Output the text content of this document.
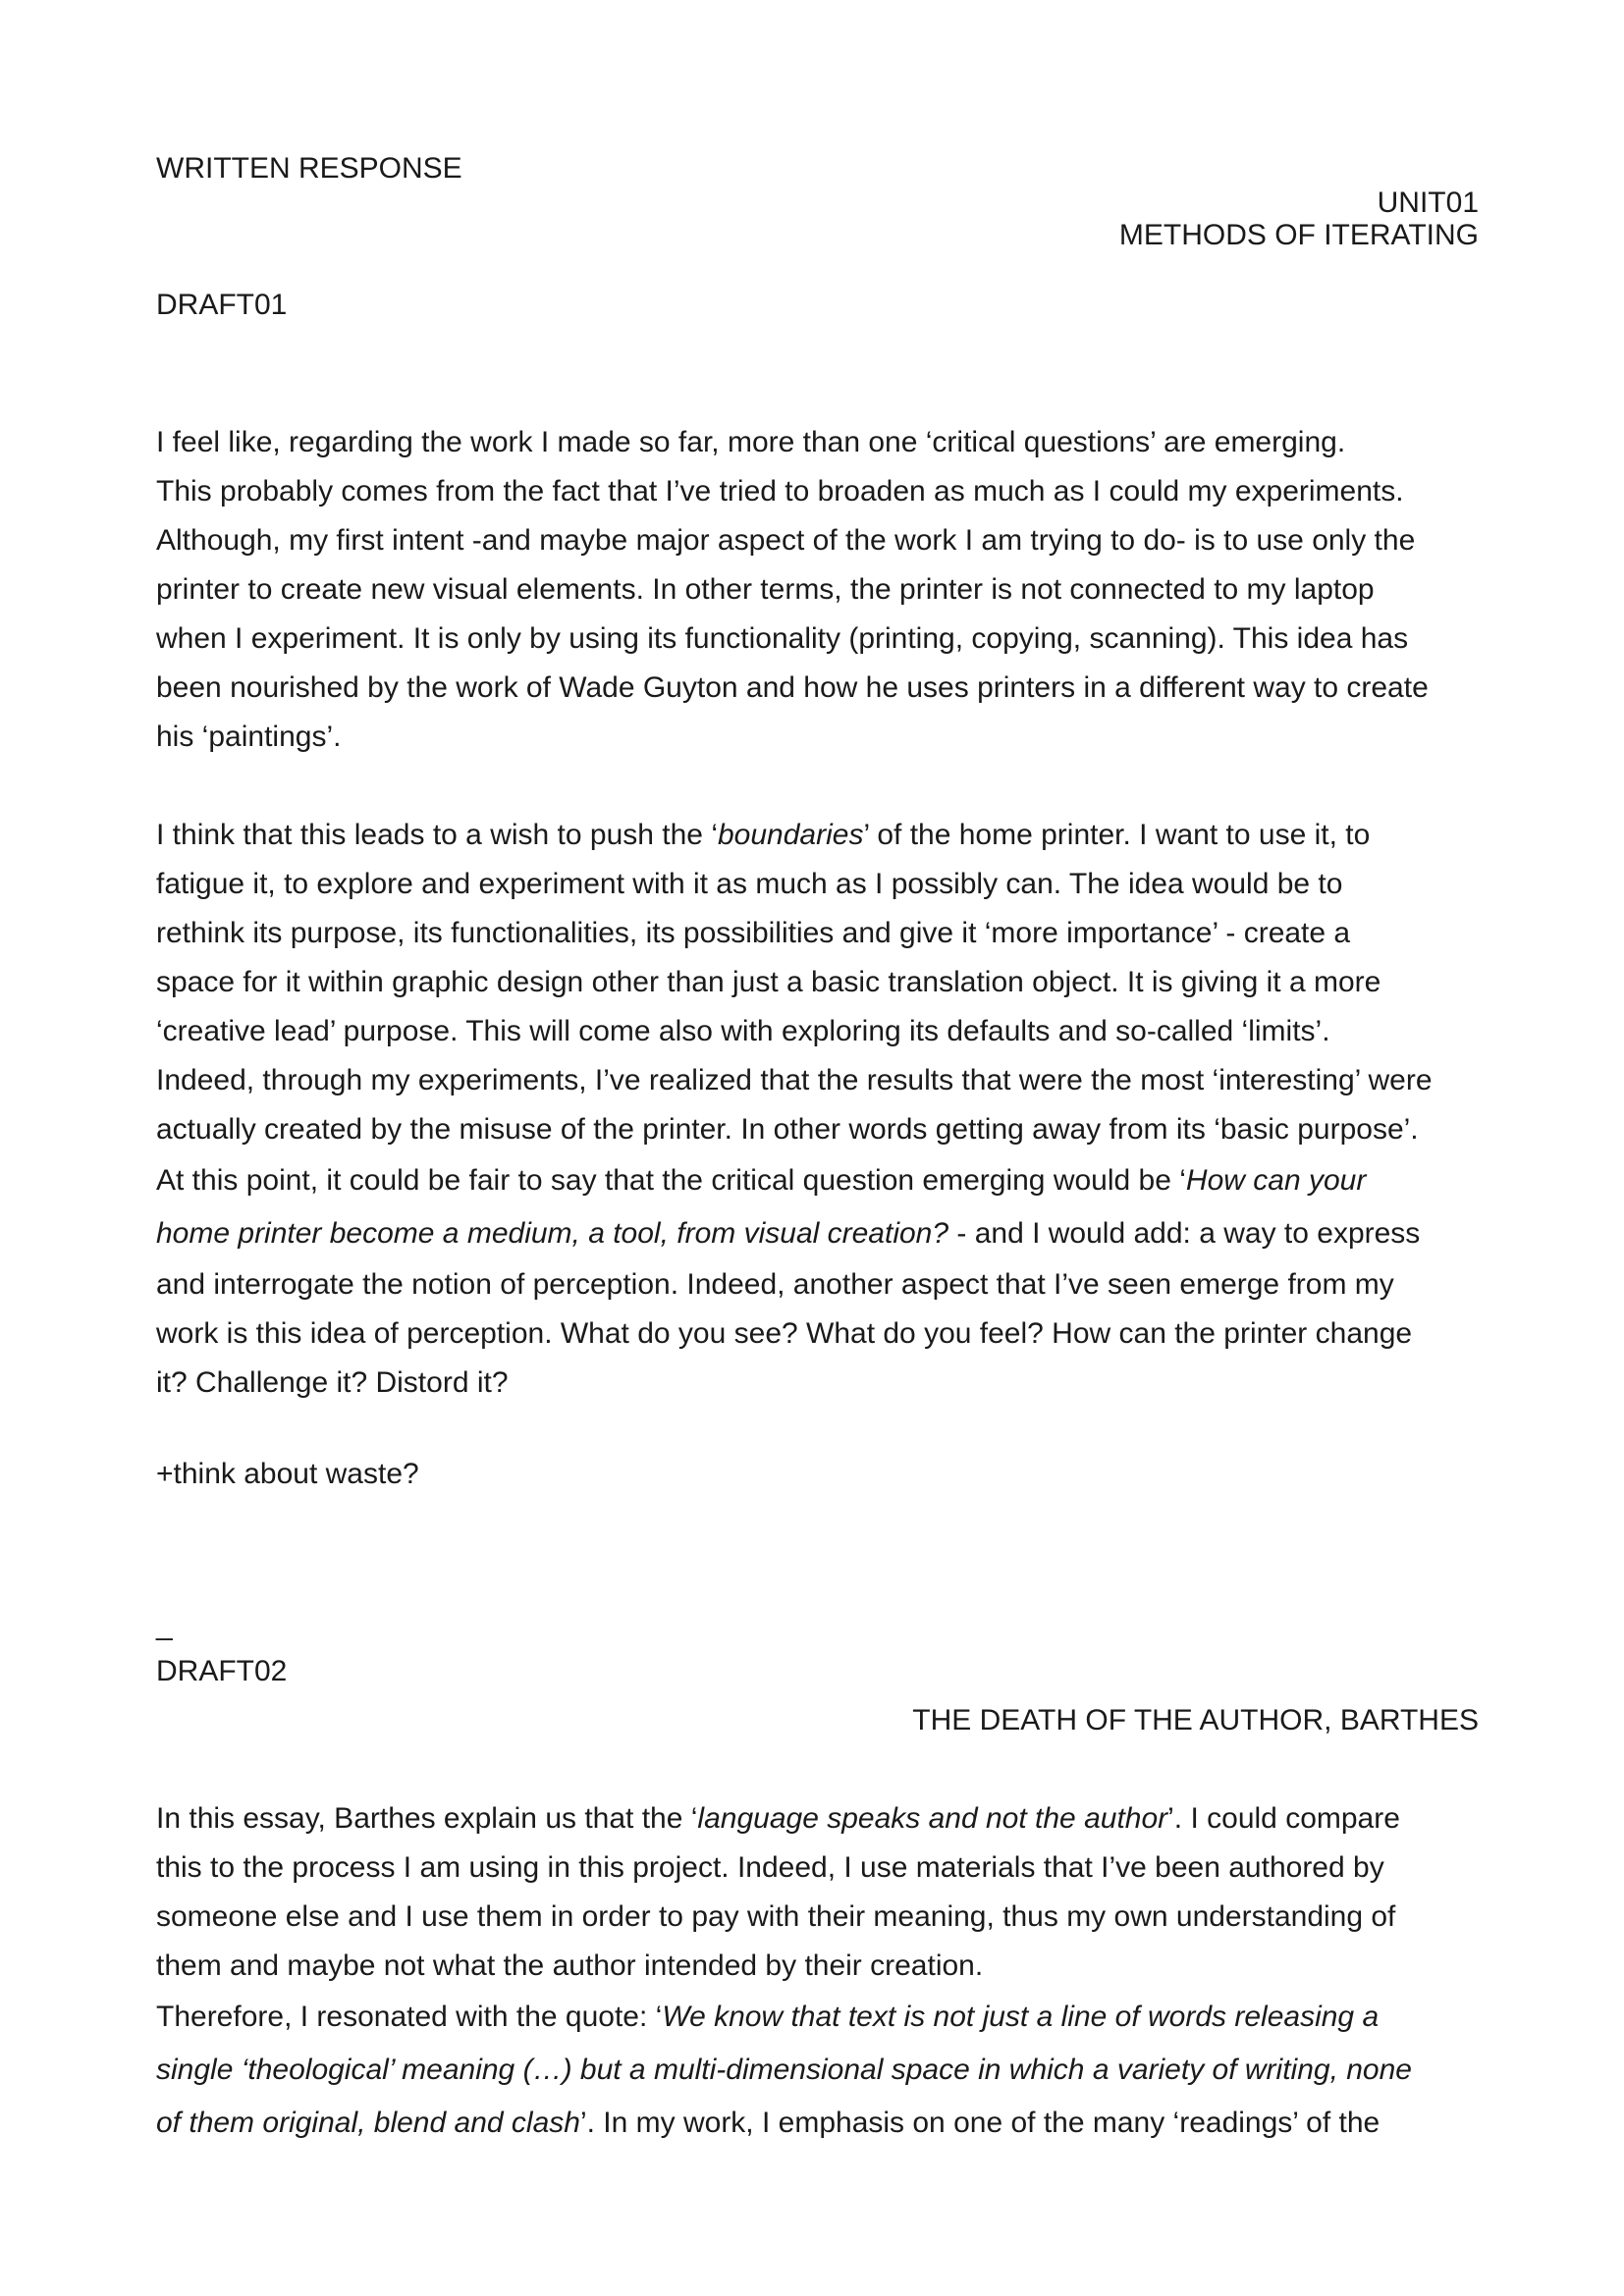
WRITTEN RESPONSE

UNIT01

METHODS OF ITERATING

DRAFT01

I feel like, regarding the work I made so far, more than one ‘critical questions’ are emerging.
This probably comes from the fact that I’ve tried to broaden as much as I could my experiments.
Although, my first intent -and maybe major aspect of the work I am trying to do- is to use only the
printer to create new visual elements. In other terms, the printer is not connected to my laptop
when I experiment. It is only by using its functionality (printing, copying, scanning). This idea has
been nourished by the work of Wade Guyton and how he uses printers in a different way to create
his ‘paintings’.
I think that this leads to a wish to push the ‘boundaries’ of the home printer. I want to use it, to
fatigue it, to explore and experiment with it as much as I possibly can. The idea would be to
rethink its purpose, its functionalities, its possibilities and give it ‘more importance’ - create a
space for it within graphic design other than just a basic translation object. It is giving it a more
‘creative lead’ purpose. This will come also with exploring its defaults and so-called ‘limits’.
Indeed, through my experiments, I’ve realized that the results that were the most ‘interesting’ were
actually created by the misuse of the printer. In other words getting away from its ‘basic purpose’.
At this point, it could be fair to say that the critical question emerging would be ‘How can your
home printer become a medium, a tool, from visual creation? - and I would add: a way to express
and interrogate the notion of perception. Indeed, another aspect that I’ve seen emerge from my
work is this idea of perception. What do you see? What do you feel? How can the printer change
it? Challenge it? Distord it?

+think about waste?

_

DRAFT02

THE DEATH OF THE AUTHOR, BARTHES

In this essay, Barthes explain us that the ‘language speaks and not the author’. I could compare
this to the process I am using in this project. Indeed, I use materials that I’ve been authored by
someone else and I use them in order to pay with their meaning, thus my own understanding of
them and maybe not what the author intended by their creation.
Therefore, I resonated with the quote: ‘We know that text is not just a line of words releasing a
single ‘theological’ meaning (…) but a multi-dimensional space in which a variety of writing, none
of them original, blend and clash’. In my work, I emphasis on one of the many ‘readings’ of the
